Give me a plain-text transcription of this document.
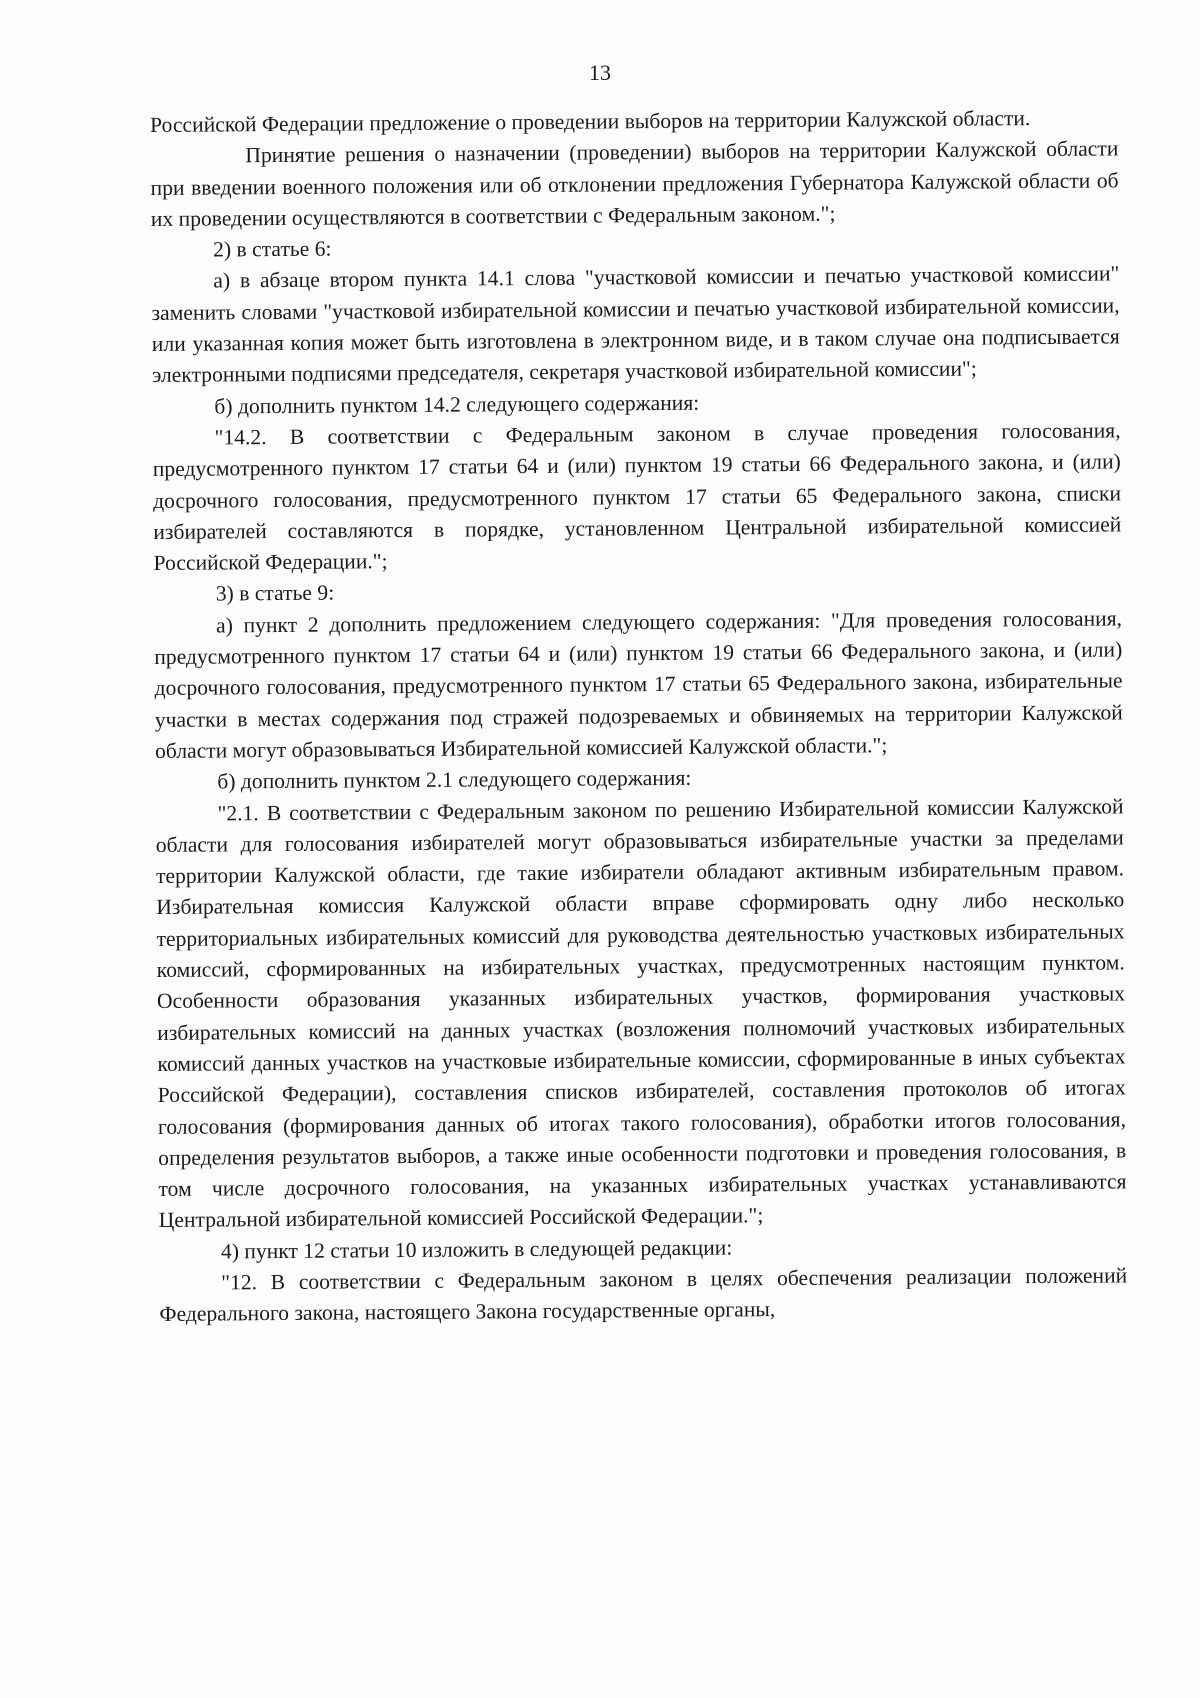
13

Российской Федерации предложение о проведении выборов на территории Калужской области.

Принятие решения о назначении (проведении) выборов на территории Калужской области при введении военного положения или об отклонении предложения Губернатора Калужской области об их проведении осуществляются в соответствии с Федеральным законом.";

2) в статье 6:

а) в абзаце втором пункта 14.1 слова "участковой комиссии и печатью участковой комиссии" заменить словами "участковой избирательной комиссии и печатью участковой избирательной комиссии, или указанная копия может быть изготовлена в электронном виде, и в таком случае она подписывается электронными подписями председателя, секретаря участковой избирательной комиссии";

б) дополнить пунктом 14.2 следующего содержания:

"14.2. В соответствии с Федеральным законом в случае проведения голосования, предусмотренного пунктом 17 статьи 64 и (или) пунктом 19 статьи 66 Федерального закона, и (или) досрочного голосования, предусмотренного пунктом 17 статьи 65 Федерального закона, списки избирателей составляются в порядке, установленном Центральной избирательной комиссией Российской Федерации.";

3) в статье 9:

а) пункт 2 дополнить предложением следующего содержания: "Для проведения голосования, предусмотренного пунктом 17 статьи 64 и (или) пунктом 19 статьи 66 Федерального закона, и (или) досрочного голосования, предусмотренного пунктом 17 статьи 65 Федерального закона, избирательные участки в местах содержания под стражей подозреваемых и обвиняемых на территории Калужской области могут образовываться Избирательной комиссией Калужской области.";

б) дополнить пунктом 2.1 следующего содержания:

"2.1. В соответствии с Федеральным законом по решению Избирательной комиссии Калужской области для голосования избирателей могут образовываться избирательные участки за пределами территории Калужской области, где такие избиратели обладают активным избирательным правом. Избирательная комиссия Калужской области вправе сформировать одну либо несколько территориальных избирательных комиссий для руководства деятельностью участковых избирательных комиссий, сформированных на избирательных участках, предусмотренных настоящим пунктом. Особенности образования указанных избирательных участков, формирования участковых избирательных комиссий на данных участках (возложения полномочий участковых избирательных комиссий данных участков на участковые избирательные комиссии, сформированные в иных субъектах Российской Федерации), составления списков избирателей, составления протоколов об итогах голосования (формирования данных об итогах такого голосования), обработки итогов голосования, определения результатов выборов, а также иные особенности подготовки и проведения голосования, в том числе досрочного голосования, на указанных избирательных участках устанавливаются Центральной избирательной комиссией Российской Федерации.";

4) пункт 12 статьи 10 изложить в следующей редакции:

"12. В соответствии с Федеральным законом в целях обеспечения реализации положений Федерального закона, настоящего Закона государственные органы,
